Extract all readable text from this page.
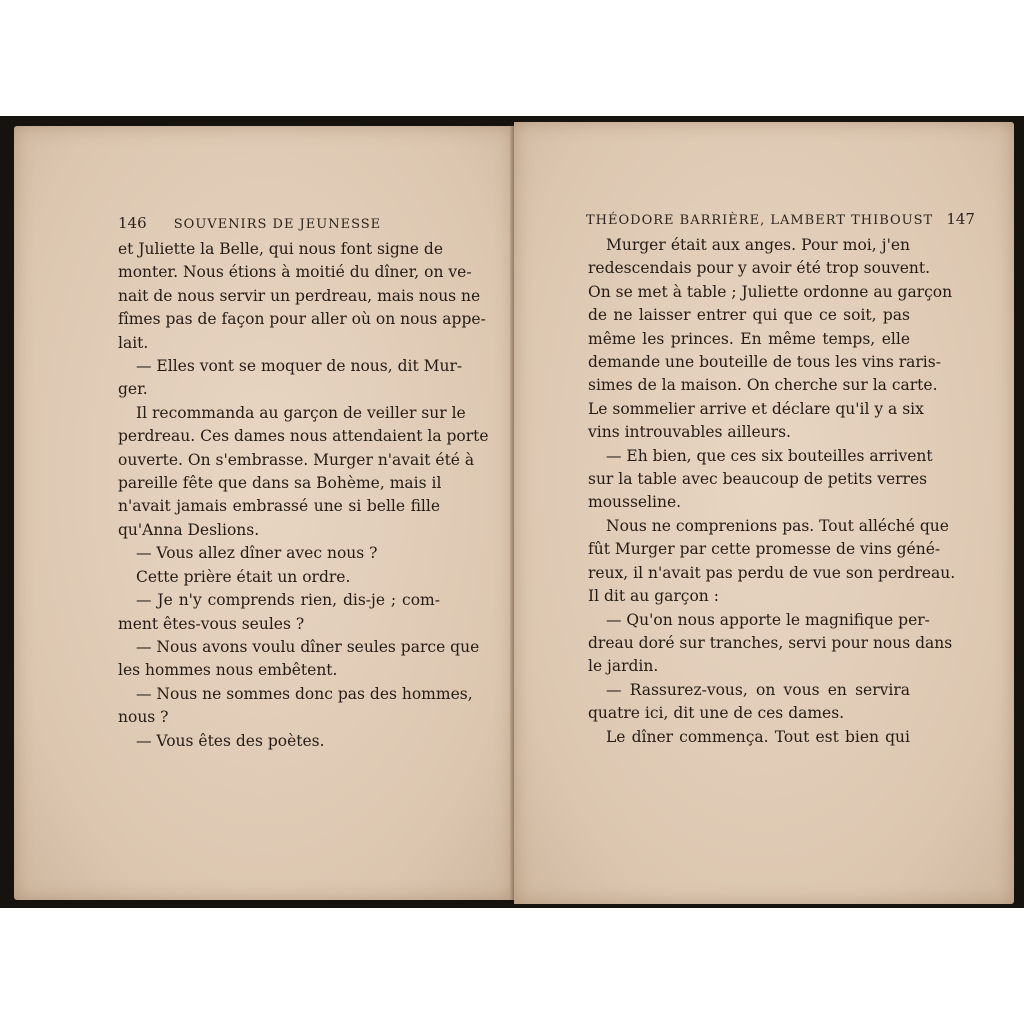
146 SOUVENIRS DE JEUNESSE
et Juliette la Belle, qui nous font signe de
monter. Nous étions à moitié du dîner, on ve-
nait de nous servir un perdreau, mais nous ne
fîmes pas de façon pour aller où on nous appe-
lait.
— Elles vont se moquer de nous, dit Mur-
ger.
Il recommanda au garçon de veiller sur le
perdreau. Ces dames nous attendaient la porte
ouverte. On s'embrasse. Murger n'avait été à
pareille fête que dans sa Bohème, mais il
n'avait jamais embrassé une si belle fille
qu'Anna Deslions.
— Vous allez dîner avec nous ?
Cette prière était un ordre.
— Je n'y comprends rien, dis-je ; com-
ment êtes-vous seules ?
— Nous avons voulu dîner seules parce que
les hommes nous embêtent.
— Nous ne sommes donc pas des hommes,
nous ?
— Vous êtes des poètes.
THÉODORE BARRIÈRE, LAMBERT THIBOUST 147
Murger était aux anges. Pour moi, j'en
redescendais pour y avoir été trop souvent.
On se met à table ; Juliette ordonne au garçon
de ne laisser entrer qui que ce soit, pas
même les princes. En même temps, elle
demande une bouteille de tous les vins raris-
simes de la maison. On cherche sur la carte.
Le sommelier arrive et déclare qu'il y a six
vins introuvables ailleurs.
— Eh bien, que ces six bouteilles arrivent
sur la table avec beaucoup de petits verres
mousseline.
Nous ne comprenions pas. Tout alléché que
fût Murger par cette promesse de vins géné-
reux, il n'avait pas perdu de vue son perdreau.
Il dit au garçon :
— Qu'on nous apporte le magnifique per-
dreau doré sur tranches, servi pour nous dans
le jardin.
— Rassurez-vous, on vous en servira
quatre ici, dit une de ces dames.
Le dîner commença. Tout est bien qui
